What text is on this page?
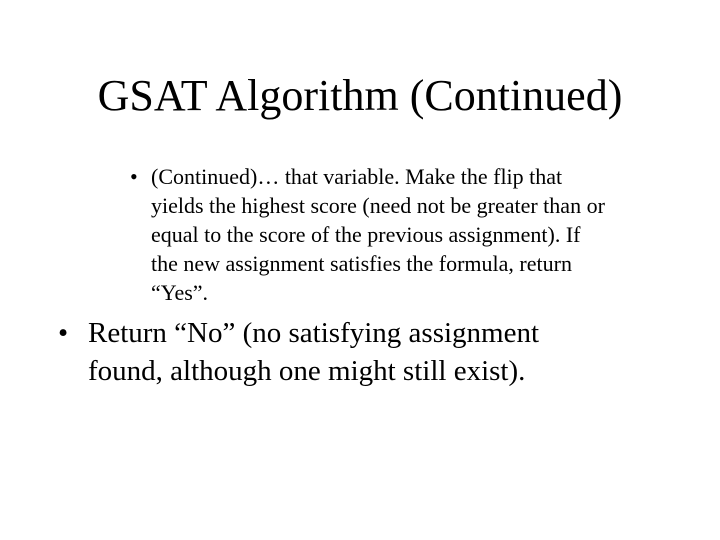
GSAT Algorithm (Continued)
• (Continued)… that variable. Make the flip that
yields the highest score (need not be greater than or
equal to the score of the previous assignment). If
the new assignment satisfies the formula, return
“Yes”.
• Return “No” (no satisfying assignment
found, although one might still exist).
